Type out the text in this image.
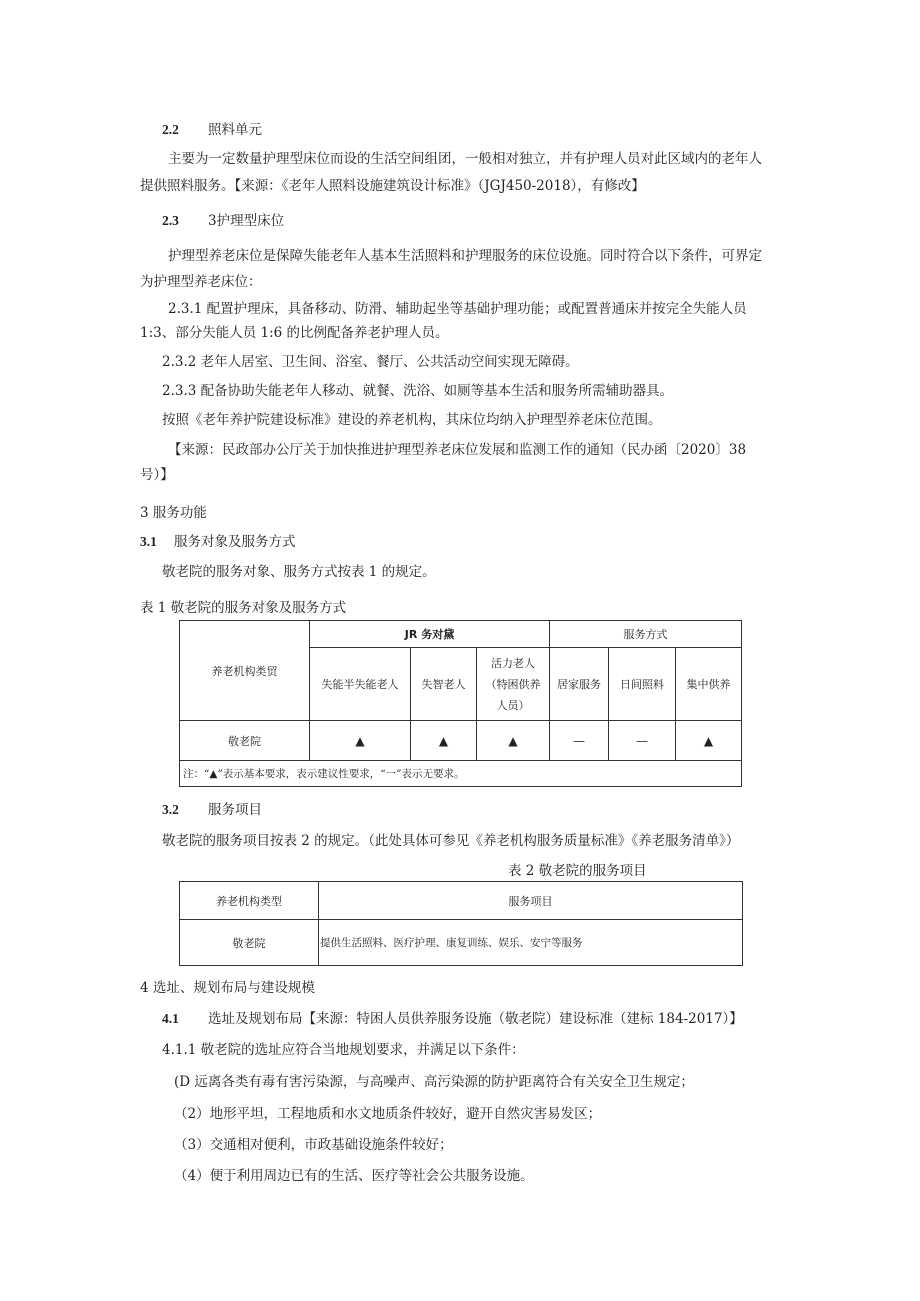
2.2 照料单元
主要为一定数量护理型床位而设的生活空间组团，一般相对独立，并有护理人员对此区域内的老年人
提供照料服务。【来源：《老年人照料设施建筑设计标准》（JGJ450-2018），有修改】
2.3 3护理型床位
护理型养老床位是保障失能老年人基本生活照料和护理服务的床位设施。同时符合以下条件，可界定
为护理型养老床位：
2.3.1 配置护理床，具备移动、防滑、辅助起坐等基础护理功能；或配置普通床并按完全失能人员
1:3、部分失能人员 1:6 的比例配备养老护理人员。
2.3.2 老年人居室、卫生间、浴室、餐厅、公共活动空间实现无障碍。
2.3.3 配备协助失能老年人移动、就餐、洗浴、如厕等基本生活和服务所需辅助器具。
按照《老年养护院建设标准》建设的养老机构，其床位均纳入护理型养老床位范围。
【来源：民政部办公厅关于加快推进护理型养老床位发展和监测工作的通知（民办函〔2020〕38
号）】
3 服务功能
3.1 服务对象及服务方式
敬老院的服务对象、服务方式按表 1 的规定。
表 1 敬老院的服务对象及服务方式
养老机构类贸	JR 务对黛			服务方式		
	失能半失能老人	失智老人	活力老人
（特困供养
人员）	居家服务	日间照料	集中供养
敬老院	▲	▲	▲	—	—	▲
注：“▲”表示基本要求，表示建议性要求，“一”表示无要求。						
3.2 服务项目
敬老院的服务项目按表 2 的规定。（此处具体可参见《养老机构服务质量标准》《养老服务清单》）
表 2 敬老院的服务项目
养老机构类型	服务项目
敬老院	提供生活照料、医疗护理、康复训练、娱乐、安宁等服务
4 选址、规划布局与建设规模
4.1 选址及规划布局【来源：特困人员供养服务设施（敬老院）建设标准（建标 184-2017）】
4.1.1 敬老院的选址应符合当地规划要求，并满足以下条件：
(D 远离各类有毒有害污染源，与高噪声、高污染源的防护距离符合有关安全卫生规定；
（2）地形平坦，工程地质和水文地质条件较好，避开自然灾害易发区；
（3）交通相对便利，市政基础设施条件较好；
（4）便于利用周边已有的生活、医疗等社会公共服务设施。
